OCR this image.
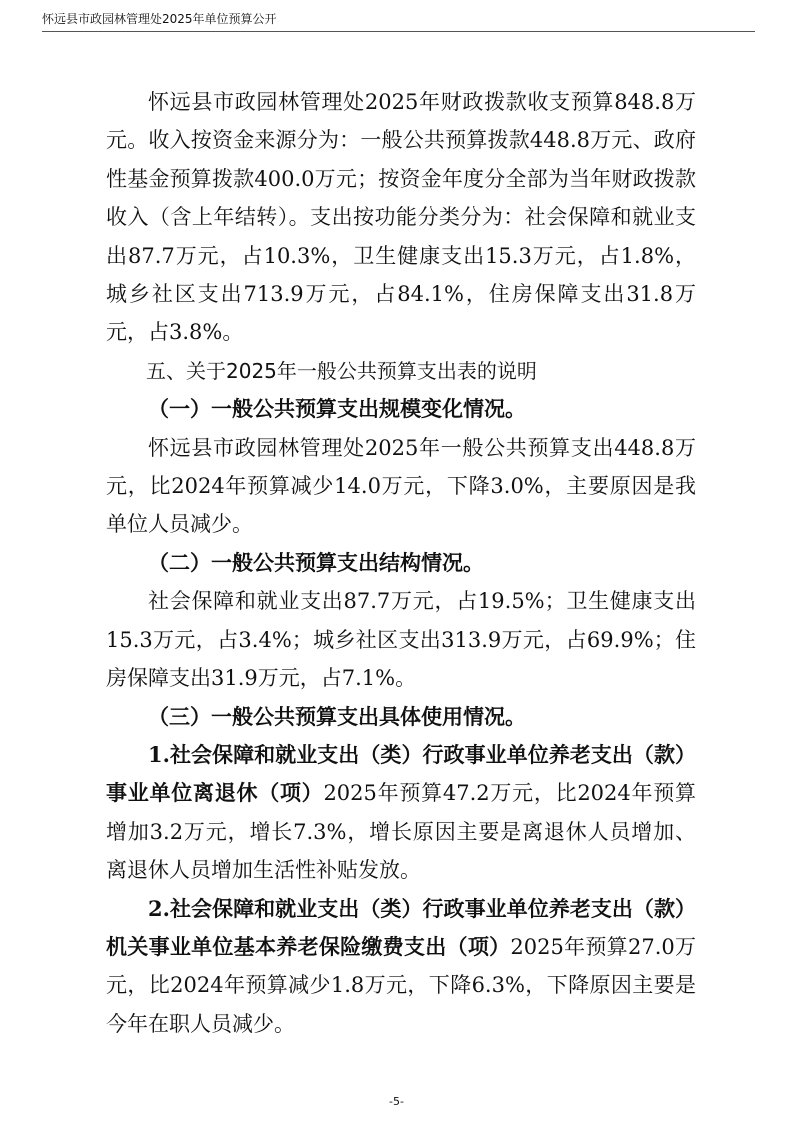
怀远县市政园林管理处2025年单位预算公开

怀远县市政园林管理处2025年财政拨款收支预算848.8万元。收入按资金来源分为：一般公共预算拨款448.8万元、政府性基金预算拨款400.0万元；按资金年度分全部为当年财政拨款收入（含上年结转）。支出按功能分类分为：社会保障和就业支出87.7万元，占10.3%，卫生健康支出15.3万元，占1.8%，城乡社区支出713.9万元，占84.1%，住房保障支出31.8万元，占3.8%。

五、关于2025年一般公共预算支出表的说明

（一）一般公共预算支出规模变化情况。

怀远县市政园林管理处2025年一般公共预算支出448.8万元，比2024年预算减少14.0万元，下降3.0%，主要原因是我单位人员减少。

（二）一般公共预算支出结构情况。

社会保障和就业支出87.7万元，占19.5%；卫生健康支出15.3万元，占3.4%；城乡社区支出313.9万元，占69.9%；住房保障支出31.9万元，占7.1%。

（三）一般公共预算支出具体使用情况。

1.社会保障和就业支出（类）行政事业单位养老支出（款）事业单位离退休（项）2025年预算47.2万元，比2024年预算增加3.2万元，增长7.3%，增长原因主要是离退休人员增加、离退休人员增加生活性补贴发放。

2.社会保障和就业支出（类）行政事业单位养老支出（款）机关事业单位基本养老保险缴费支出（项）2025年预算27.0万元，比2024年预算减少1.8万元，下降6.3%，下降原因主要是今年在职人员减少。

-5-
